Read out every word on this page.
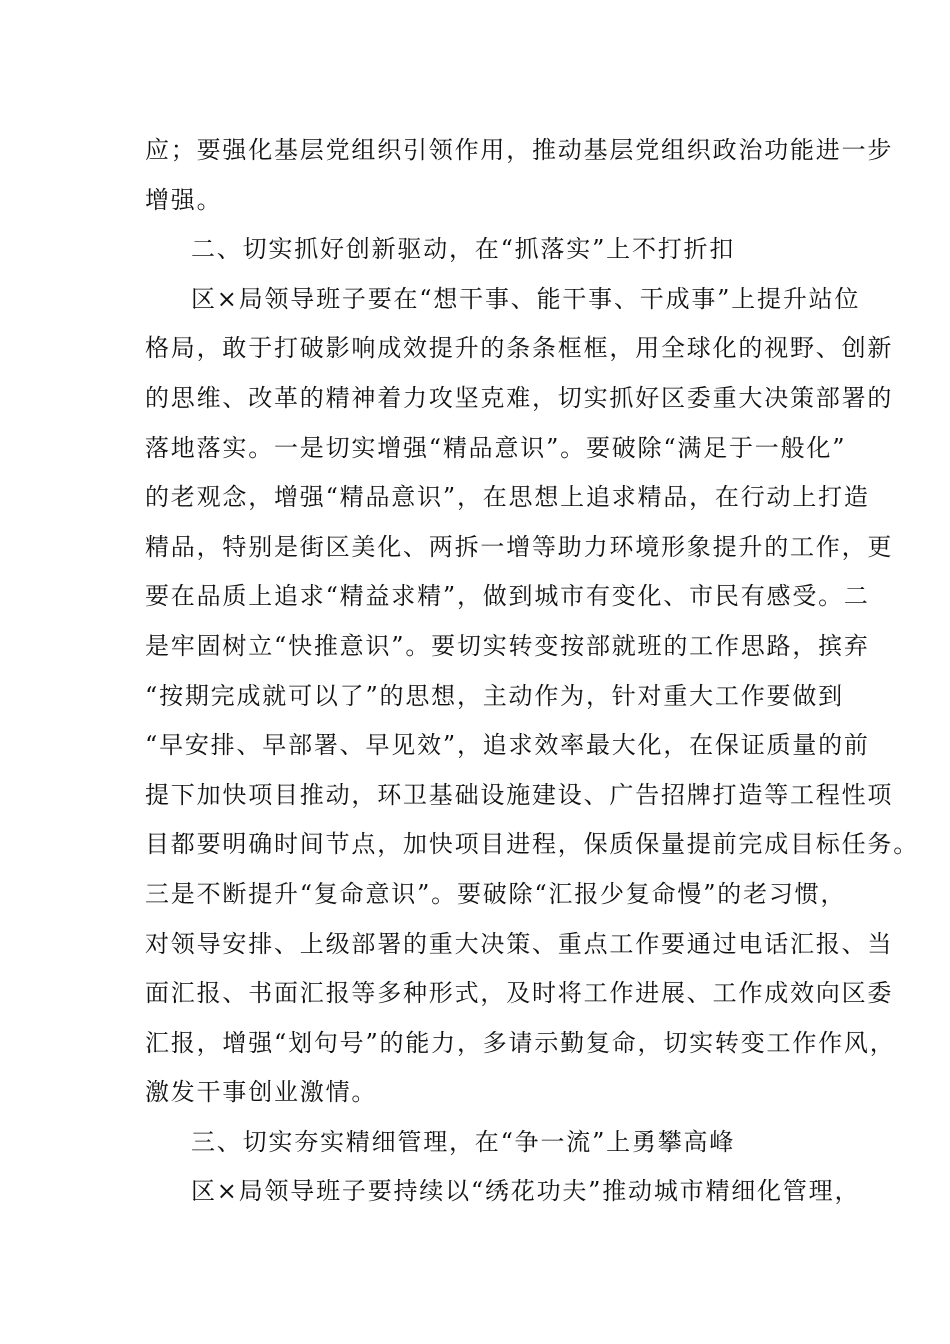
应；要强化基层党组织引领作用，推动基层党组织政治功能进一步
增强。
二、切实抓好创新驱动，在“抓落实”上不打折扣
区×局领导班子要在“想干事、能干事、干成事”上提升站位
格局，敢于打破影响成效提升的条条框框，用全球化的视野、创新
的思维、改革的精神着力攻坚克难，切实抓好区委重大决策部署的
落地落实。一是切实增强“精品意识”。要破除“满足于一般化”
的老观念，增强“精品意识”，在思想上追求精品，在行动上打造
精品，特别是街区美化、两拆一增等助力环境形象提升的工作，更
要在品质上追求“精益求精”，做到城市有变化、市民有感受。二
是牢固树立“快推意识”。要切实转变按部就班的工作思路，摈弃
“按期完成就可以了”的思想，主动作为，针对重大工作要做到
“早安排、早部署、早见效”，追求效率最大化，在保证质量的前
提下加快项目推动，环卫基础设施建设、广告招牌打造等工程性项
目都要明确时间节点，加快项目进程，保质保量提前完成目标任务。
三是不断提升“复命意识”。要破除“汇报少复命慢”的老习惯，
对领导安排、上级部署的重大决策、重点工作要通过电话汇报、当
面汇报、书面汇报等多种形式，及时将工作进展、工作成效向区委
汇报，增强“划句号”的能力，多请示勤复命，切实转变工作作风，
激发干事创业激情。
三、切实夯实精细管理，在“争一流”上勇攀高峰
区×局领导班子要持续以“绣花功夫”推动城市精细化管理，
